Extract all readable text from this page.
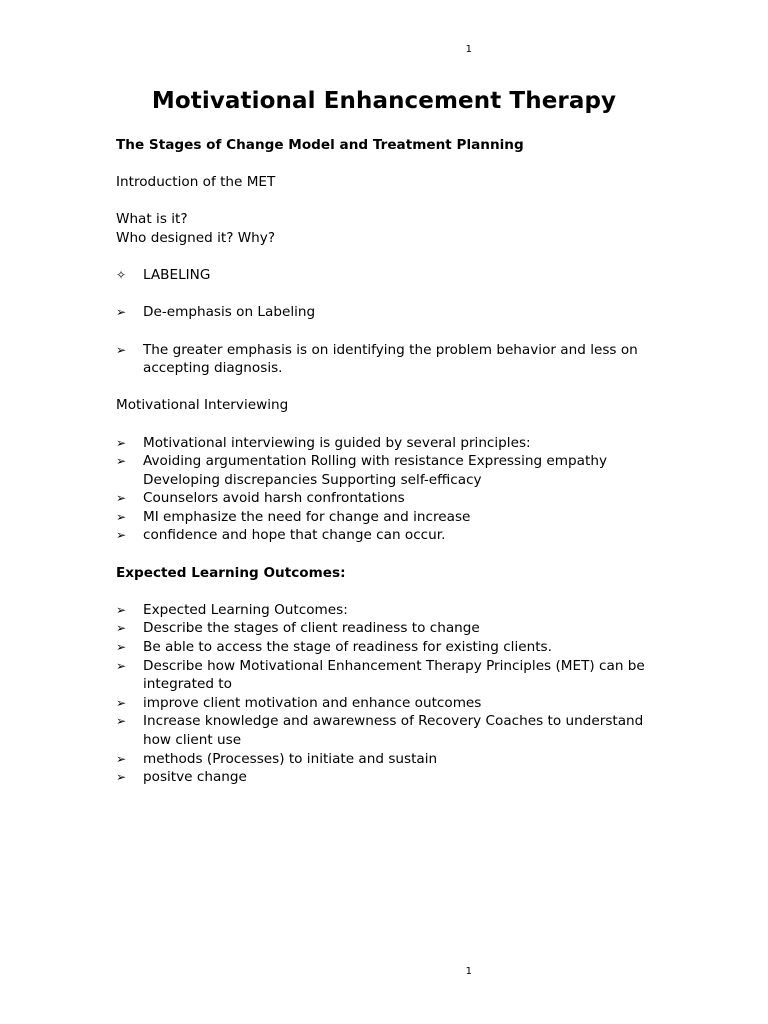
1
Motivational Enhancement Therapy

The Stages of Change Model and Treatment Planning

Introduction of the MET

What is it?

Who designed it? Why?

✧ LABELING
➢ De-emphasis on Labeling
➢ The greater emphasis is on identifying the problem behavior and less on accepting diagnosis.

Motivational Interviewing

➢ Motivational interviewing is guided by several principles:
➢ Avoiding argumentation Rolling with resistance Expressing empathy Developing discrepancies Supporting self-efficacy
➢ Counselors avoid harsh confrontations
➢ MI emphasize the need for change and increase
➢ confidence and hope that change can occur.

Expected Learning Outcomes:

➢ Expected Learning Outcomes:
➢ Describe the stages of client readiness to change
➢ Be able to access the stage of readiness for existing clients.
➢ Describe how Motivational Enhancement Therapy Principles (MET) can be integrated to
➢ improve client motivation and enhance outcomes
➢ Increase knowledge and awarewness of Recovery Coaches to understand how client use
➢ methods (Processes) to initiate and sustain
➢ positve change
1
